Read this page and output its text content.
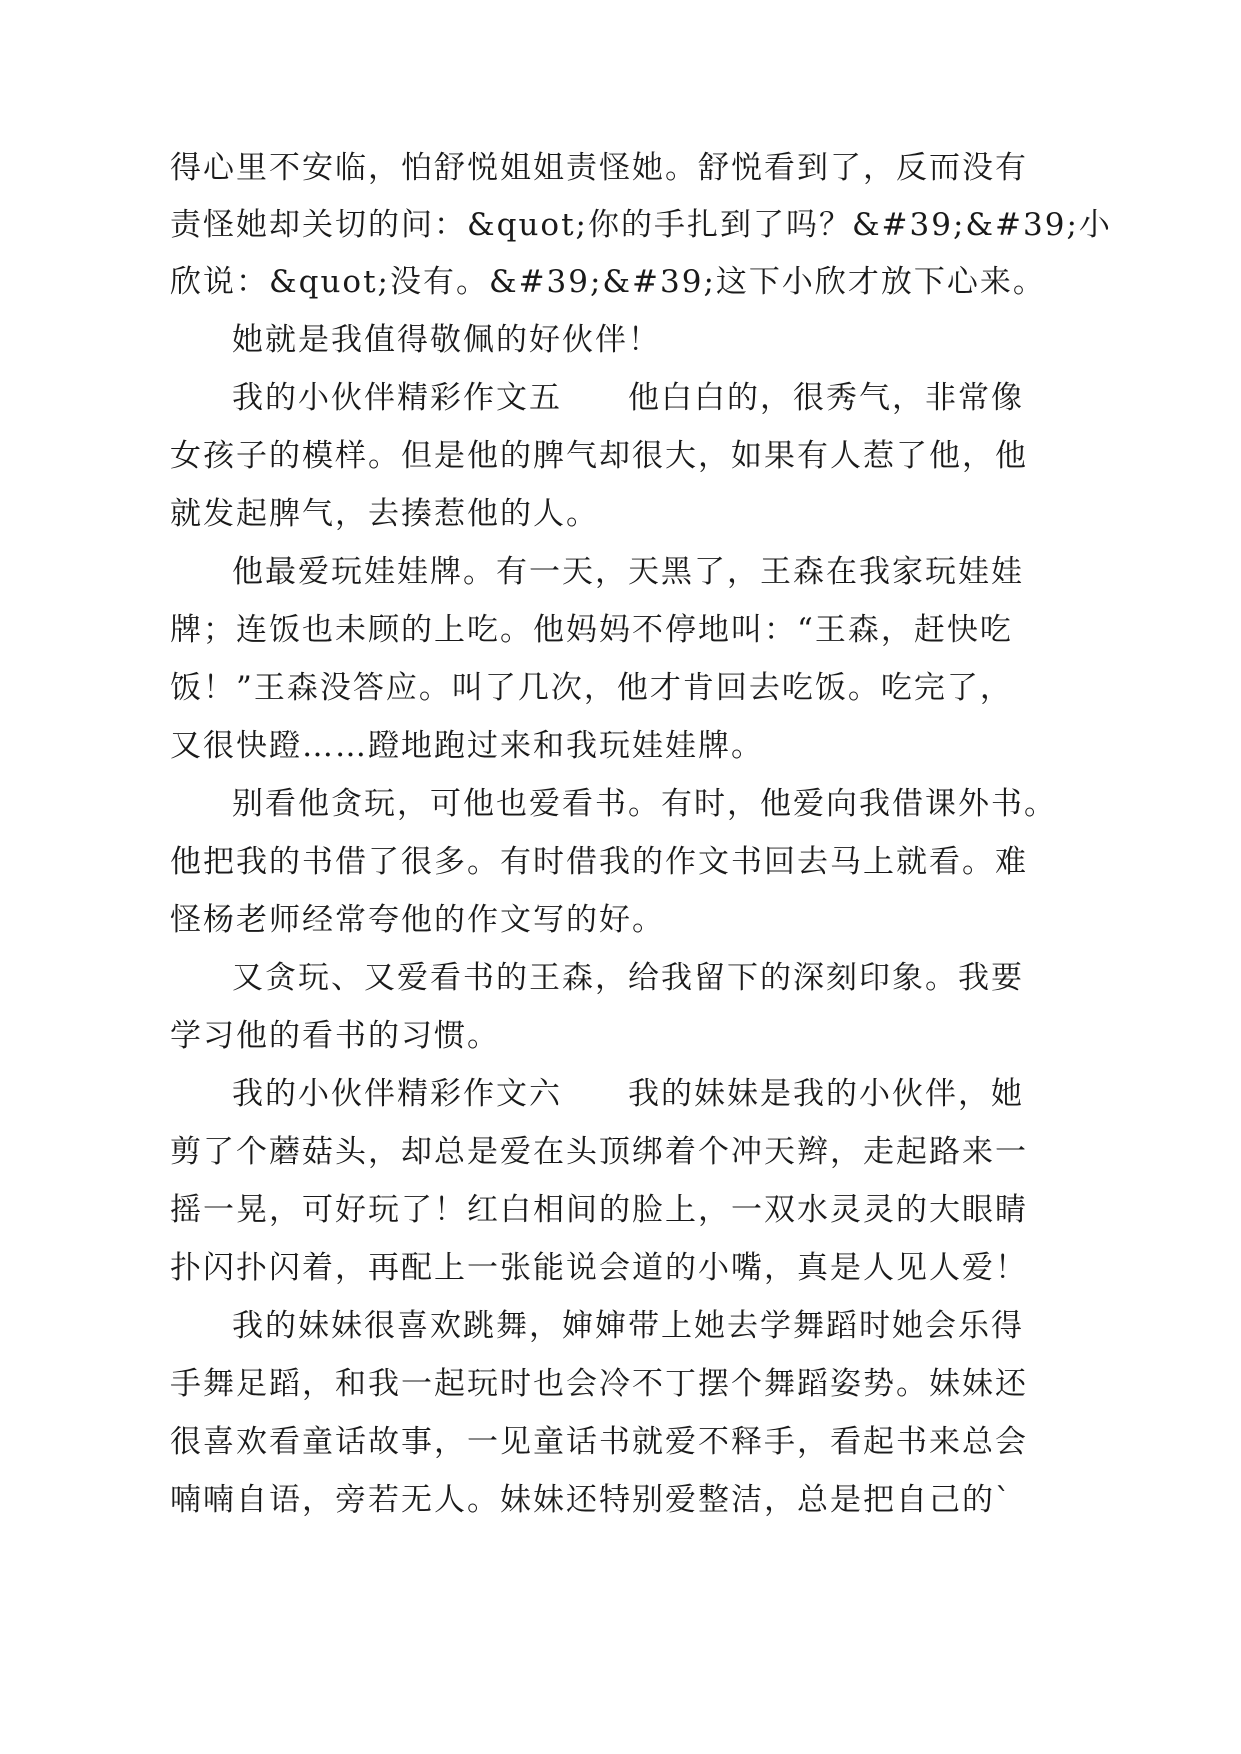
得心里不安临，怕舒悦姐姐责怪她。舒悦看到了，反而没有
责怪她却关切的问：&quot;你的手扎到了吗？&#39;&#39;小
欣说：&quot;没有。&#39;&#39;这下小欣才放下心来。
她就是我值得敬佩的好伙伴！
我的小伙伴精彩作文五　　他白白的，很秀气，非常像
女孩子的模样。但是他的脾气却很大，如果有人惹了他，他
就发起脾气，去揍惹他的人。
他最爱玩娃娃牌。有一天，天黑了，王森在我家玩娃娃
牌；连饭也未顾的上吃。他妈妈不停地叫：“王森，赶快吃
饭！”王森没答应。叫了几次，他才肯回去吃饭。吃完了，
又很快蹬……蹬地跑过来和我玩娃娃牌。
别看他贪玩，可他也爱看书。有时，他爱向我借课外书。
他把我的书借了很多。有时借我的作文书回去马上就看。难
怪杨老师经常夸他的作文写的好。
又贪玩、又爱看书的王森，给我留下的深刻印象。我要
学习他的看书的习惯。
我的小伙伴精彩作文六　　我的妹妹是我的小伙伴，她
剪了个蘑菇头，却总是爱在头顶绑着个冲天辫，走起路来一
摇一晃，可好玩了！红白相间的脸上，一双水灵灵的大眼睛
扑闪扑闪着，再配上一张能说会道的小嘴，真是人见人爱！
我的妹妹很喜欢跳舞，婶婶带上她去学舞蹈时她会乐得
手舞足蹈，和我一起玩时也会冷不丁摆个舞蹈姿势。妹妹还
很喜欢看童话故事，一见童话书就爱不释手，看起书来总会
喃喃自语，旁若无人。妹妹还特别爱整洁，总是把自己的`
